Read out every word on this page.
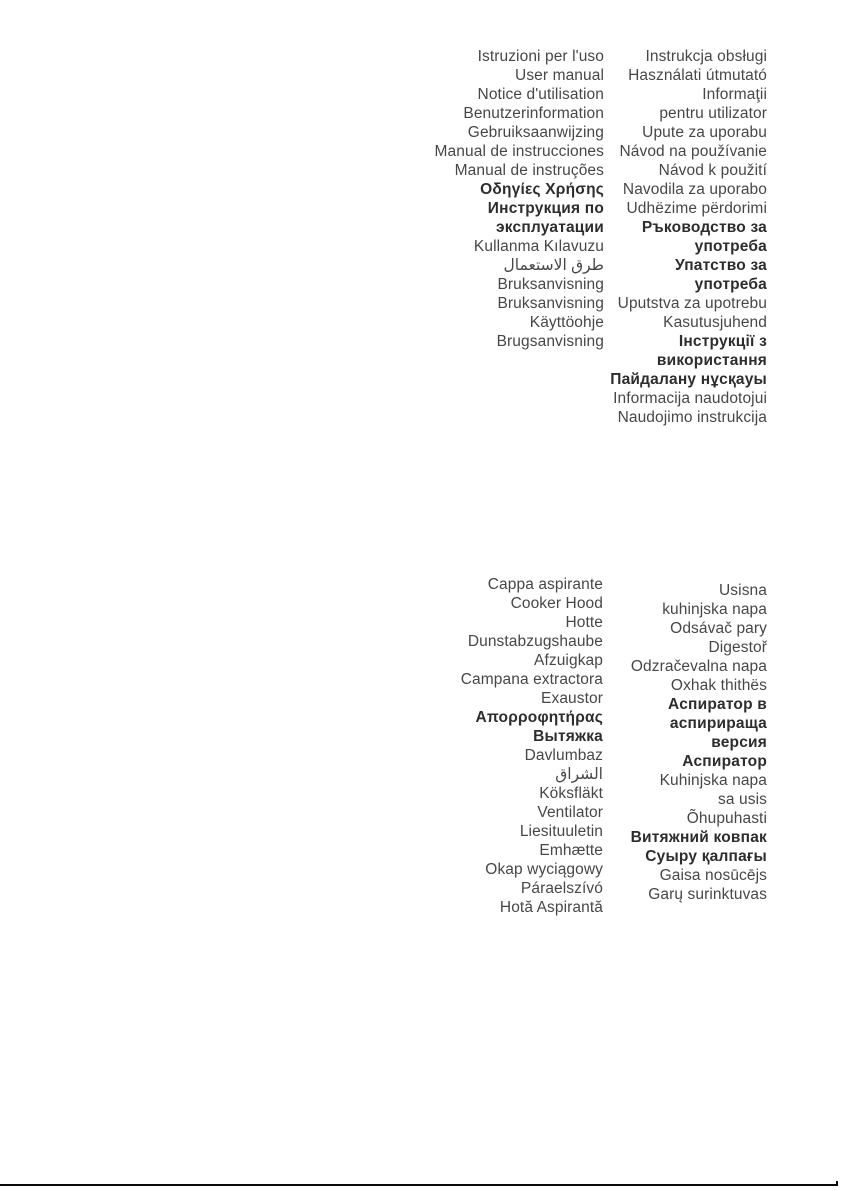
Istruzioni per l'uso
User manual
Notice d'utilisation
Benutzerinformation
Gebruiksaanwijzing
Manual de instrucciones
Manual de instruções
Οδηγίες Χρήσης
Инструкция по
эксплуатации
Kullanma Kılavuzu
طرق الاستعمال
Bruksanvisning
Bruksanvisning
Käyttöohje
Brugsanvisning
Instrukcja obsługi
Használati útmutató
Informaţii
pentru utilizator
Upute za uporabu
Návod na používanie
Návod k použití
Navodila za uporabo
Udhëzime përdorimi
Ръководство за
употреба
Упатство за
употреба
Uputstva za upotrebu
Kasutusjuhend
Інструкції з
використання
Пайдалану нұсқауы
Informacija naudotojui
Naudojimo instrukcija
Cappa aspirante
Cooker Hood
Hotte
Dunstabzugshaube
Afzuigkap
Campana extractora
Exaustor
Απορροφητήρας
Вытяжка
Davlumbaz
الشراق
Köksfläkt
Ventilator
Liesituuletin
Emhætte
Okap wyciągowy
Páraelszívó
Hotă Aspirantă
Usisna
kuhinjska napa
Odsávač pary
Digestoř
Odzračevalna napa
Oxhak thithës
Аспиратор в
аспирираща
версия
Аспиратор
Kuhinjska napa
sa usis
Õhupuhasti
Витяжний ковпак
Суыру қалпағы
Gaisa nosūcējs
Garų surinktuvas
